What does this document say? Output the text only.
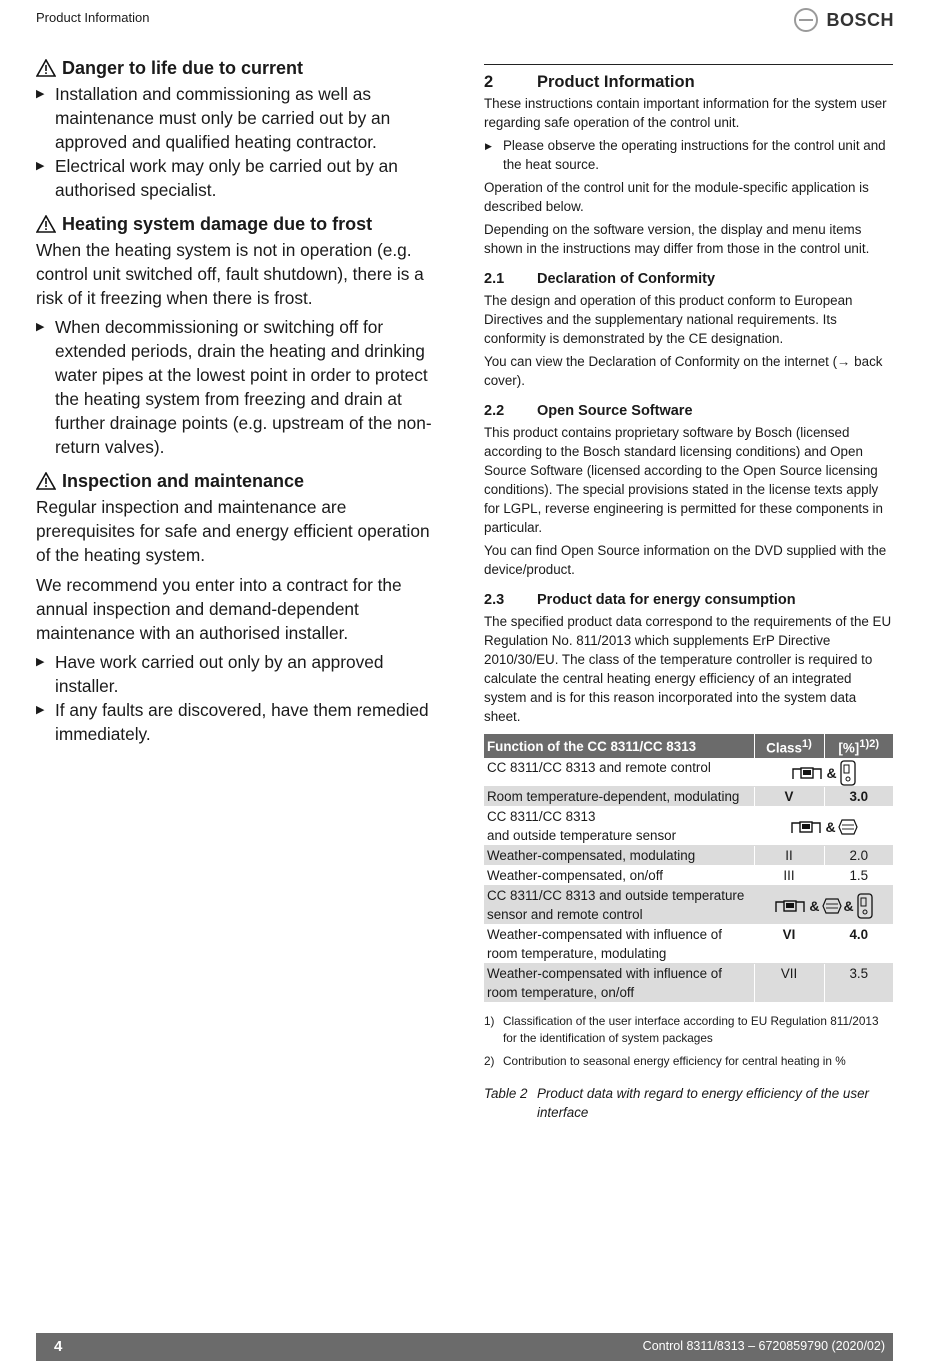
Product Information	BOSCH
Danger to life due to current
▶ Installation and commissioning as well as maintenance must only be carried out by an approved and qualified heating contractor.
▶ Electrical work may only be carried out by an authorised specialist.
Heating system damage due to frost

When the heating system is not in operation (e.g. control unit switched off, fault shutdown), there is a risk of it freezing when there is frost.

▶ When decommissioning or switching off for extended periods, drain the heating and drinking water pipes at the lowest point in order to protect the heating system from freezing and drain at further drainage points (e.g. upstream of the non-return valves).
Inspection and maintenance

Regular inspection and maintenance are prerequisites for safe and energy efficient operation of the heating system.

We recommend you enter into a contract for the annual inspection and demand-dependent maintenance with an authorised installer.

▶ Have work carried out only by an approved installer.
▶ If any faults are discovered, have them remedied immediately.
2	Product Information

These instructions contain important information for the system user regarding safe operation of the control unit.

▶ Please observe the operating instructions for the control unit and the heat source.

Operation of the control unit for the module-specific application is described below.

Depending on the software version, the display and menu items shown in the instructions may differ from those in the control unit.

2.1	Declaration of Conformity

The design and operation of this product conform to European Directives and the supplementary national requirements. Its conformity is demonstrated by the CE designation.

You can view the Declaration of Conformity on the internet (→ back cover).

2.2	Open Source Software

This product contains proprietary software by Bosch (licensed according to the Bosch standard licensing conditions) and Open Source Software (licensed according to the Open Source licensing conditions). The special provisions stated in the license texts apply for LGPL, reverse engineering is permitted for these components in particular.

You can find Open Source information on the DVD supplied with the device/product.

2.3	Product data for energy consumption

The specified product data correspond to the requirements of the EU Regulation No. 811/2013 which supplements ErP Directive 2010/30/EU. The class of the temperature controller is required to calculate the central heating energy efficiency of an integrated system and is for this reason incorporated into the system data sheet.

Function of the CC 8311/CC 8313	Class$^{1)}$	[%]$^{1)2)}$
CC 8311/CC 8313 and remote control	&	

Room temperature-dependent, modulating	V	3.0
CC 8311/CC 8313
and outside temperature sensor	&	

Weather-compensated, modulating	II	2.0
Weather-compensated, on/off	III	1.5
CC 8311/CC 8313 and outside temperature sensor and remote control	& &	

Weather-compensated with influence of room temperature, modulating	VI	4.0
Weather-compensated with influence of room temperature, on/off	VII	3.5
1) Classification of the user interface according to EU Regulation 811/2013 for the identification of system packages
2) Contribution to seasonal energy efficiency for central heating in %
Table 2 Product data with regard to energy efficiency of the user interface
4	Control 8311/8313 – 6720859790 (2020/02)
